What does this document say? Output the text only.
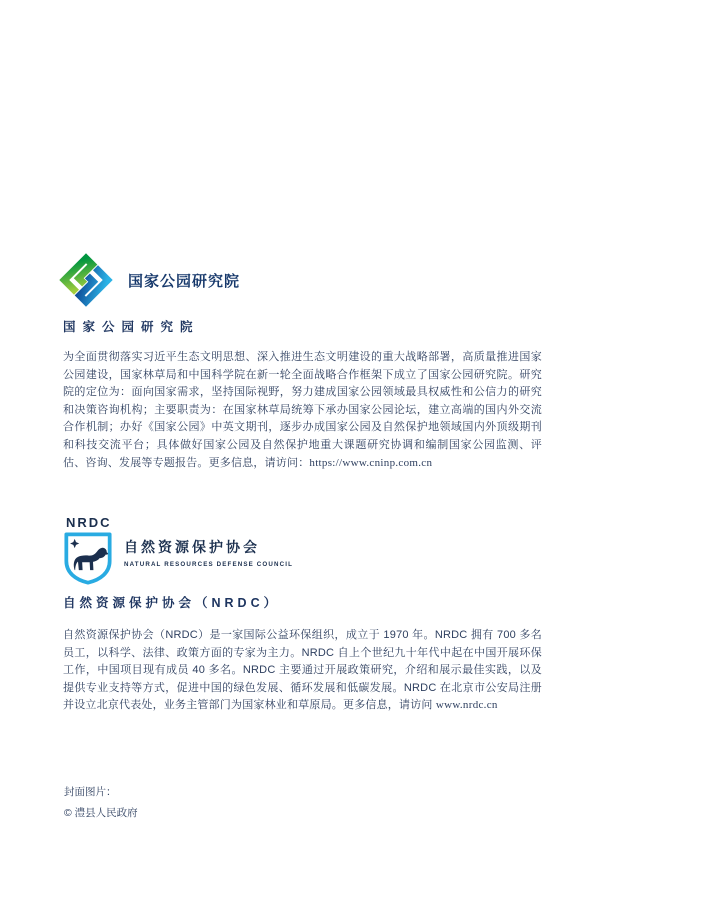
国家公园研究院
国家公园研究院

为全面贯彻落实习近平生态文明思想、深入推进生态文明建设的重大战略部署，高质量推进国家公园建设，国家林草局和中国科学院在新一轮全面战略合作框架下成立了国家公园研究院。研究院的定位为：面向国家需求，坚持国际视野，努力建成国家公园领域最具权威性和公信力的研究和决策咨询机构；主要职责为：在国家林草局统筹下承办国家公园论坛，建立高端的国内外交流合作机制；办好《国家公园》中英文期刊，逐步办成国家公园及自然保护地领域国内外顶级期刊和科技交流平台；具体做好国家公园及自然保护地重大课题研究协调和编制国家公园监测、评估、咨询、发展等专题报告。更多信息，请访问：https://www.cninp.com.cn

NRDC
自然资源保护协会
NATURAL RESOURCES DEFENSE COUNCIL
自然资源保护协会（NRDC）

自然资源保护协会（NRDC）是一家国际公益环保组织，成立于 1970 年。NRDC 拥有 700 多名员工，以科学、法律、政策方面的专家为主力。NRDC 自上个世纪九十年代中起在中国开展环保工作，中国项目现有成员 40 多名。NRDC 主要通过开展政策研究，介绍和展示最佳实践，以及提供专业支持等方式，促进中国的绿色发展、循环发展和低碳发展。NRDC 在北京市公安局注册并设立北京代表处，业务主管部门为国家林业和草原局。更多信息，请访问 www.nrdc.cn

封面图片：
© 澧县人民政府
